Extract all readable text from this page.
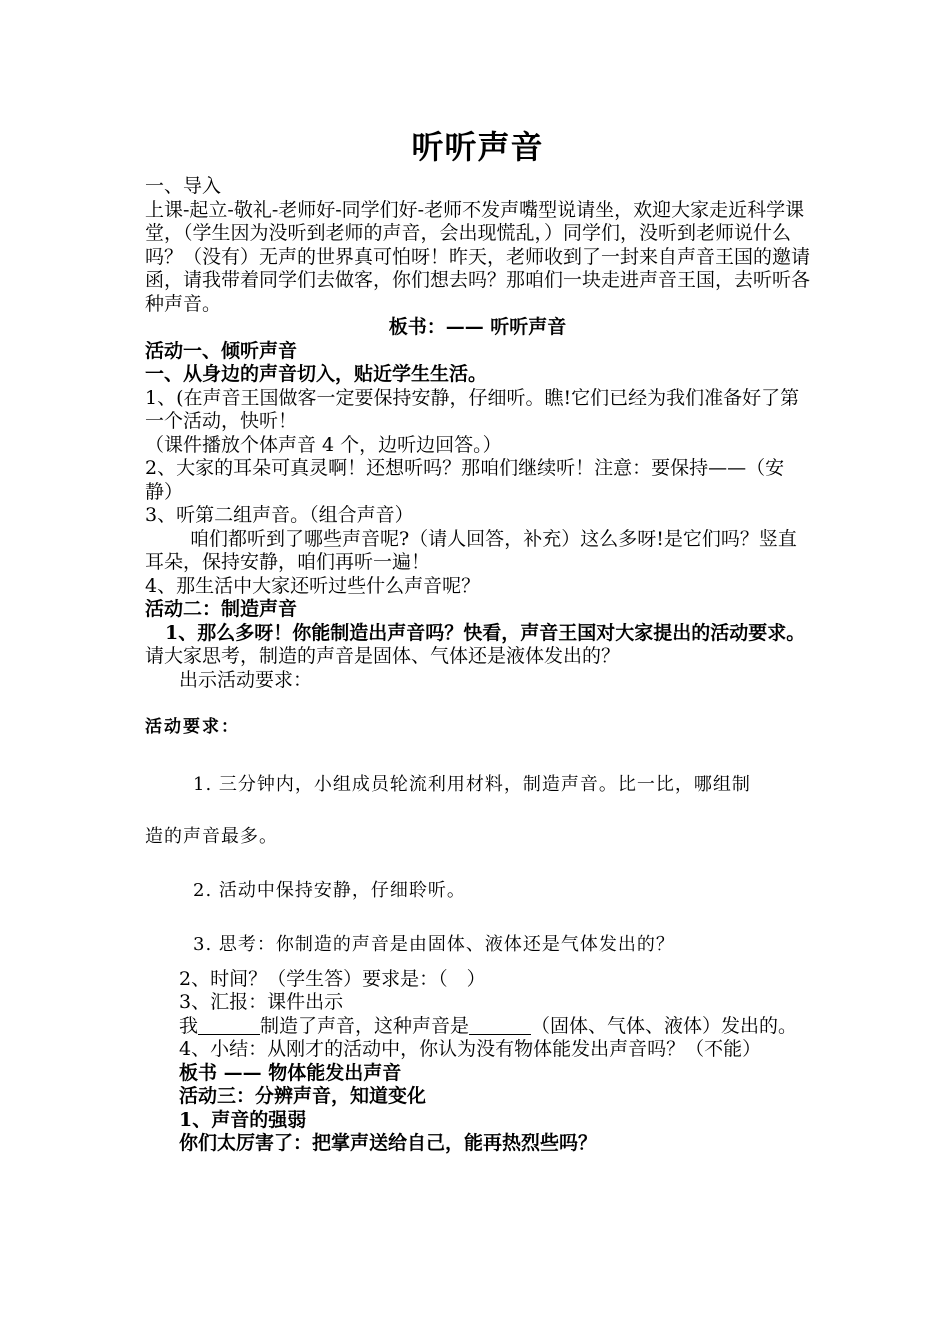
听听声音

一、导入

上课-起立-敬礼-老师好-同学们好-老师不发声嘴型说请坐，欢迎大家走近科学课堂，（学生因为没听到老师的声音，会出现慌乱，）同学们，没听到老师说什么吗？（没有）无声的世界真可怕呀！昨天，老师收到了一封来自声音王国的邀请函，请我带着同学们去做客，你们想去吗？那咱们一块走进声音王国，去听听各种声音。

板书：—— 听听声音

活动一、倾听声音

一、从身边的声音切入，贴近学生生活。

1、(在声音王国做客一定要保持安静，仔细听。瞧!它们已经为我们准备好了第一个活动，快听！

（课件播放个体声音 4 个，边听边回答。）

2、大家的耳朵可真灵啊！还想听吗？那咱们继续听！注意：要保持——（安静）

3、听第二组声音。（组合声音）

咱们都听到了哪些声音呢?（请人回答，补充）这么多呀!是它们吗？竖直耳朵，保持安静，咱们再听一遍！

4、那生活中大家还听过些什么声音呢？

活动二：制造声音

1、那么多呀！你能制造出声音吗？快看，声音王国对大家提出的活动要求。请大家思考，制造的声音是固体、气体还是液体发出的？

出示活动要求：

活动要求：

1. 三分钟内，小组成员轮流利用材料，制造声音。比一比，哪组制

造的声音最多。

2. 活动中保持安静，仔细聆听。

3. 思考：你制造的声音是由固体、液体还是气体发出的？

2、时间？（学生答）要求是：（　）

3、汇报：课件出示

我	制造了声音，这种声音是	（固体、气体、液体）发出的。

4、小结：从刚才的活动中，你认为没有物体能发出声音吗？（不能）

板书 —— 物体能发出声音

活动三：分辨声音，知道变化

1、声音的强弱

你们太厉害了：把掌声送给自己，能再热烈些吗？
